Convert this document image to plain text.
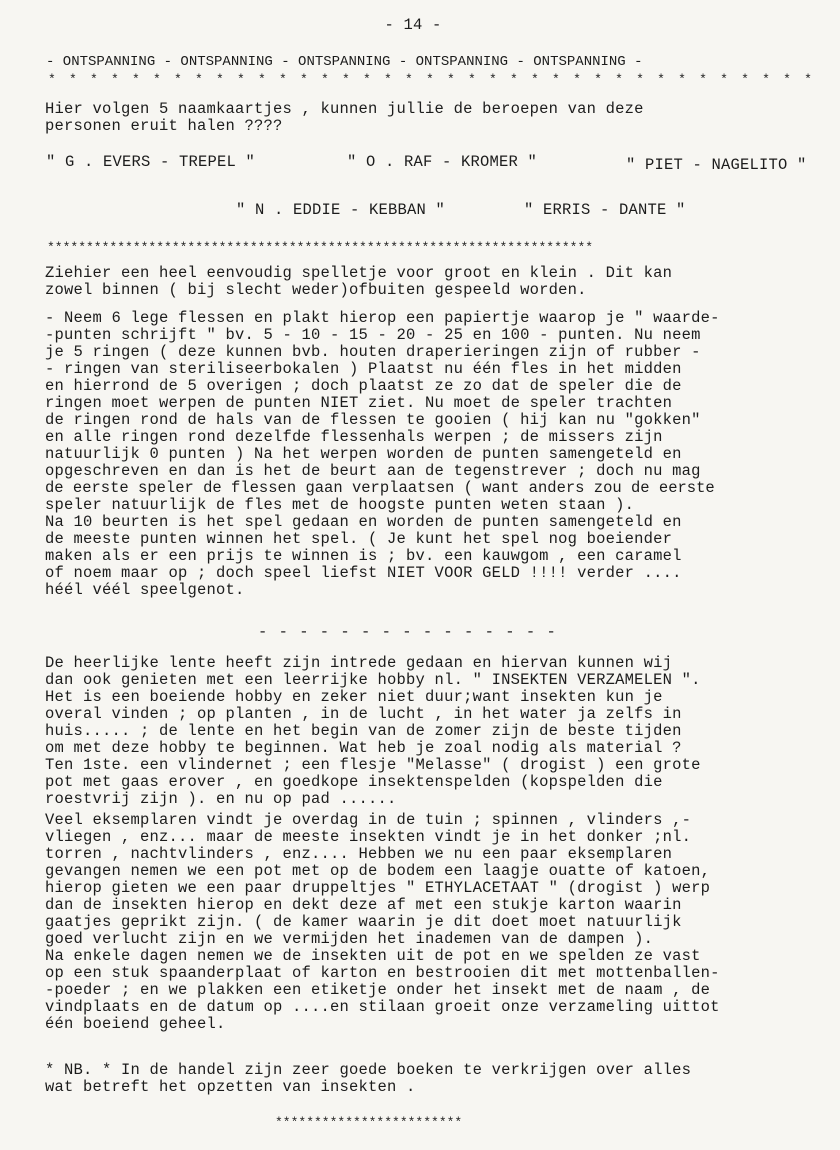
- 14 -
- ONTSPANNING - ONTSPANNING - ONTSPANNING - ONTSPANNING - ONTSPANNING -
* * * * * * * * * * * * * * * * * * * * * * * * * * * * * * * * * * * * *
Hier volgen 5 naamkaartjes , kunnen jullie de beroepen van deze
personen eruit halen ????
" G . EVERS - TREPEL "	" O . RAF - KROMER "	" PIET - NAGELITO "
" N . EDDIE - KEBBAN "	" ERRIS - DANTE "
**********************************************************************
Ziehier een heel eenvoudig spelletje voor groot en klein . Dit kan
zowel binnen ( bij slecht weder)ofbuiten gespeeld worden.
- Neem 6 lege flessen en plakt hierop een papiertje waarop je " waarde-
-punten schrijft " bv. 5 - 10 - 15 - 20 - 25 en 100 - punten. Nu neem
je 5 ringen ( deze kunnen bvb. houten draperieringen zijn of rubber -
- ringen van steriliseerbokalen ) Plaatst nu één fles in het midden
en hierrond de 5 overigen ; doch plaatst ze zo dat de speler die de
ringen moet werpen de punten NIET ziet. Nu moet de speler trachten
de ringen rond de hals van de flessen te gooien ( hij kan nu "gokken"
en alle ringen rond dezelfde flessenhals werpen ; de missers zijn
natuurlijk 0 punten ) Na het werpen worden de punten samengeteld en
opgeschreven en dan is het de beurt aan de tegenstrever ; doch nu mag
de eerste speler de flessen gaan verplaatsen ( want anders zou de eerste
speler natuurlijk de fles met de hoogste punten weten staan ).
Na 10 beurten is het spel gedaan en worden de punten samengeteld en
de meeste punten winnen het spel. ( Je kunt het spel nog boeiender
maken als er een prijs te winnen is ; bv. een kauwgom , een caramel
of noem maar op ; doch speel liefst NIET VOOR GELD !!!! verder ....
héél véél speelgenot.
- - - - - - - - - - - - - - -
De heerlijke lente heeft zijn intrede gedaan en hiervan kunnen wij
dan ook genieten met een leerrijke hobby nl. " INSEKTEN VERZAMELEN ".
Het is een boeiende hobby en zeker niet duur;want insekten kun je
overal vinden ; op planten , in de lucht , in het water ja zelfs in
huis..... ; de lente en het begin van de zomer zijn de beste tijden
om met deze hobby te beginnen. Wat heb je zoal nodig als material ?
Ten 1ste. een vlindernet ; een flesje "Melasse" ( drogist ) een grote
pot met gaas erover , en goedkope insektenspelden (kopspelden die
roestvrij zijn ). en nu op pad ......
Veel eksemplaren vindt je overdag in de tuin ; spinnen , vlinders ,-
vliegen , enz... maar de meeste insekten vindt je in het donker ;nl.
torren , nachtvlinders , enz.... Hebben we nu een paar eksemplaren
gevangen nemen we een pot met op de bodem een laagje ouatte of katoen,
hierop gieten we een paar druppeltjes " ETHYLACETAAT " (drogist ) werp
dan de insekten hierop en dekt deze af met een stukje karton waarin
gaatjes geprikt zijn. ( de kamer waarin je dit doet moet natuurlijk
goed verlucht zijn en we vermijden het inademen van de dampen ).
Na enkele dagen nemen we de insekten uit de pot en we spelden ze vast
op een stuk spaanderplaat of karton en bestrooien dit met mottenballen-
-poeder ; en we plakken een etiketje onder het insekt met de naam , de
vindplaats en de datum op ....en stilaan groeit onze verzameling uittot
één boeiend geheel.
* NB. * In de handel zijn zeer goede boeken te verkrijgen over alles
wat betreft het opzetten van insekten .
************************
